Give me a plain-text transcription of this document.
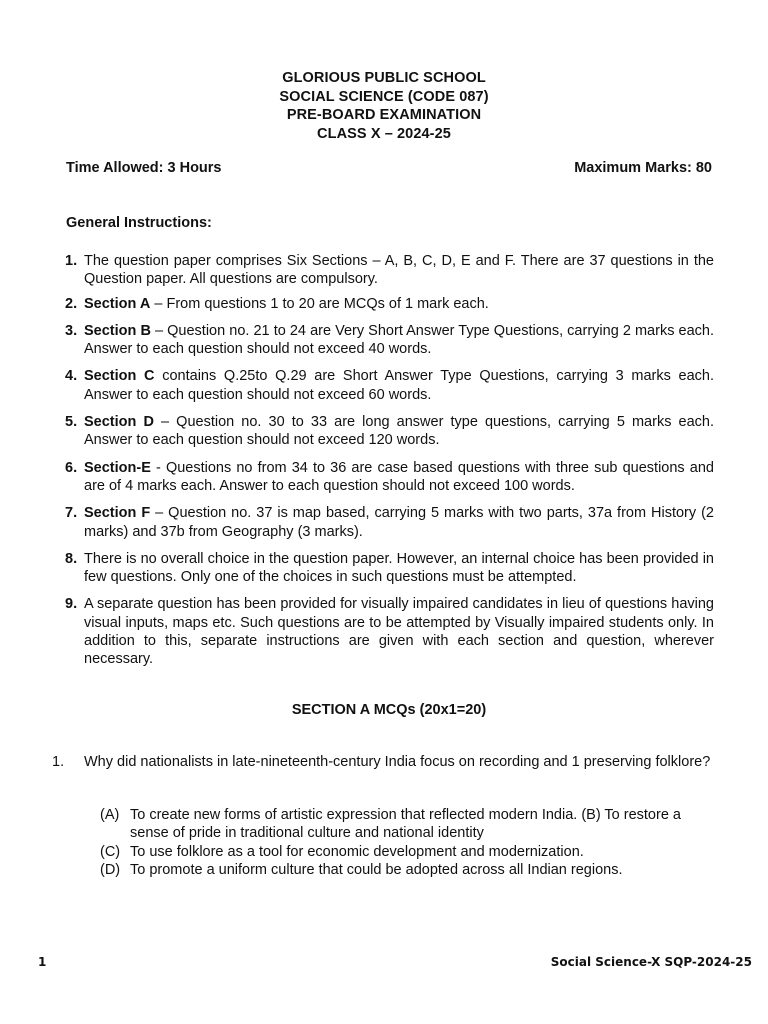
GLORIOUS PUBLIC SCHOOL
SOCIAL SCIENCE (CODE 087)
PRE-BOARD EXAMINATION
CLASS X – 2024-25
Time Allowed: 3 Hours	Maximum Marks: 80
General Instructions:
1. The question paper comprises Six Sections – A, B, C, D, E and F. There are 37 questions in the Question paper. All questions are compulsory.
2. Section A – From questions 1 to 20 are MCQs of 1 mark each.
3. Section B – Question no. 21 to 24 are Very Short Answer Type Questions, carrying 2 marks each. Answer to each question should not exceed 40 words.
4. Section C contains Q.25to Q.29 are Short Answer Type Questions, carrying 3 marks each. Answer to each question should not exceed 60 words.
5. Section D – Question no. 30 to 33 are long answer type questions, carrying 5 marks each. Answer to each question should not exceed 120 words.
6. Section-E - Questions no from 34 to 36 are case based questions with three sub questions and are of 4 marks each. Answer to each question should not exceed 100 words.
7. Section F – Question no. 37 is map based, carrying 5 marks with two parts, 37a from History (2 marks) and 37b from Geography (3 marks).
8. There is no overall choice in the question paper. However, an internal choice has been provided in few questions. Only one of the choices in such questions must be attempted.
9. A separate question has been provided for visually impaired candidates in lieu of questions having visual inputs, maps etc. Such questions are to be attempted by Visually impaired students only. In addition to this, separate instructions are given with each section and question, wherever necessary.
SECTION A MCQs (20x1=20)
1.	Why did nationalists in late-nineteenth-century India focus on recording and 1 preserving folklore?
(A) To create new forms of artistic expression that reflected modern India. (B) To restore a sense of pride in traditional culture and national identity
(C) To use folklore as a tool for economic development and modernization.
(D) To promote a uniform culture that could be adopted across all Indian regions.
1	Social Science-X SQP-2024-25
